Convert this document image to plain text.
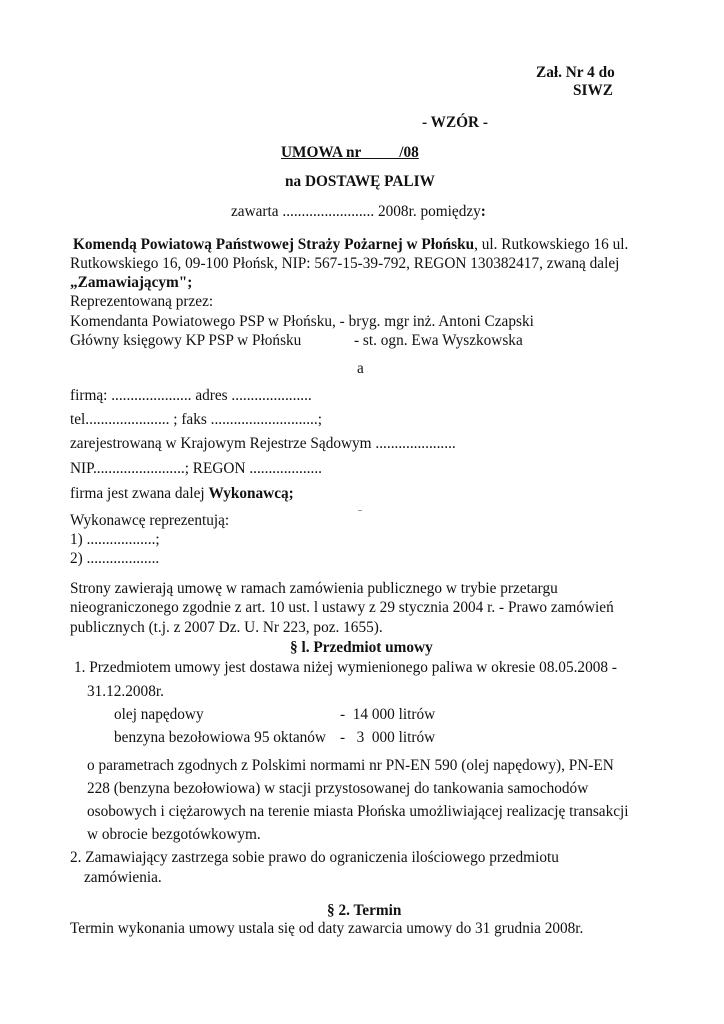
Zał. Nr 4 do
SIWZ
- WZÓR -
UMOWA nr          /08
na DOSTAWĘ PALIW
zawarta ........................ 2008r. pomiędzy:
Komendą Powiatową Państwowej Straży Pożarnej w Płońsku, ul. Rutkowskiego 16 ul.
Rutkowskiego 16, 09-100 Płońsk, NIP: 567-15-39-792, REGON 130382417, zwaną dalej
„Zamawiającym";
Reprezentowaną przez:
Komendanta Powiatowego PSP w Płońsku, - bryg. mgr inż. Antoni Czapski
Główny księgowy KP PSP w Płońsku	- st. ogn. Ewa Wyszkowska
a
firmą: ..................... adres .....................
tel...................... ; faks ............................;
zarejestrowaną w Krajowym Rejestrze Sądowym .....................
NIP........................; REGON ...................
firma jest zwana dalej Wykonawcą;
Wykonawcę reprezentują:
1) ..................;
2) ...................
Strony zawierają umowę w ramach zamówienia publicznego w trybie przetargu
nieograniczonego zgodnie z art. 10 ust. l ustawy z 29 stycznia 2004 r. - Prawo zamówień
publicznych (t.j. z 2007 Dz. U. Nr 223, poz. 1655).
§ l. Przedmiot umowy
1. Przedmiotem umowy jest dostawa niżej wymienionego paliwa w okresie 08.05.2008 -
31.12.2008r.
olej napędowy	-  14 000 litrów
benzyna bezołowiowa 95 oktanów -   3  000 litrów
o parametrach zgodnych z Polskimi normami nr PN-EN 590 (olej napędowy), PN-EN
228 (benzyna bezołowiowa) w stacji przystosowanej do tankowania samochodów
osobowych i ciężarowych na terenie miasta Płońska umożliwiającej realizację transakcji
w obrocie bezgotówkowym.
2. Zamawiający zastrzega sobie prawo do ograniczenia ilościowego przedmiotu
zamówienia.
§ 2. Termin
Termin wykonania umowy ustala się od daty zawarcia umowy do 31 grudnia 2008r.
